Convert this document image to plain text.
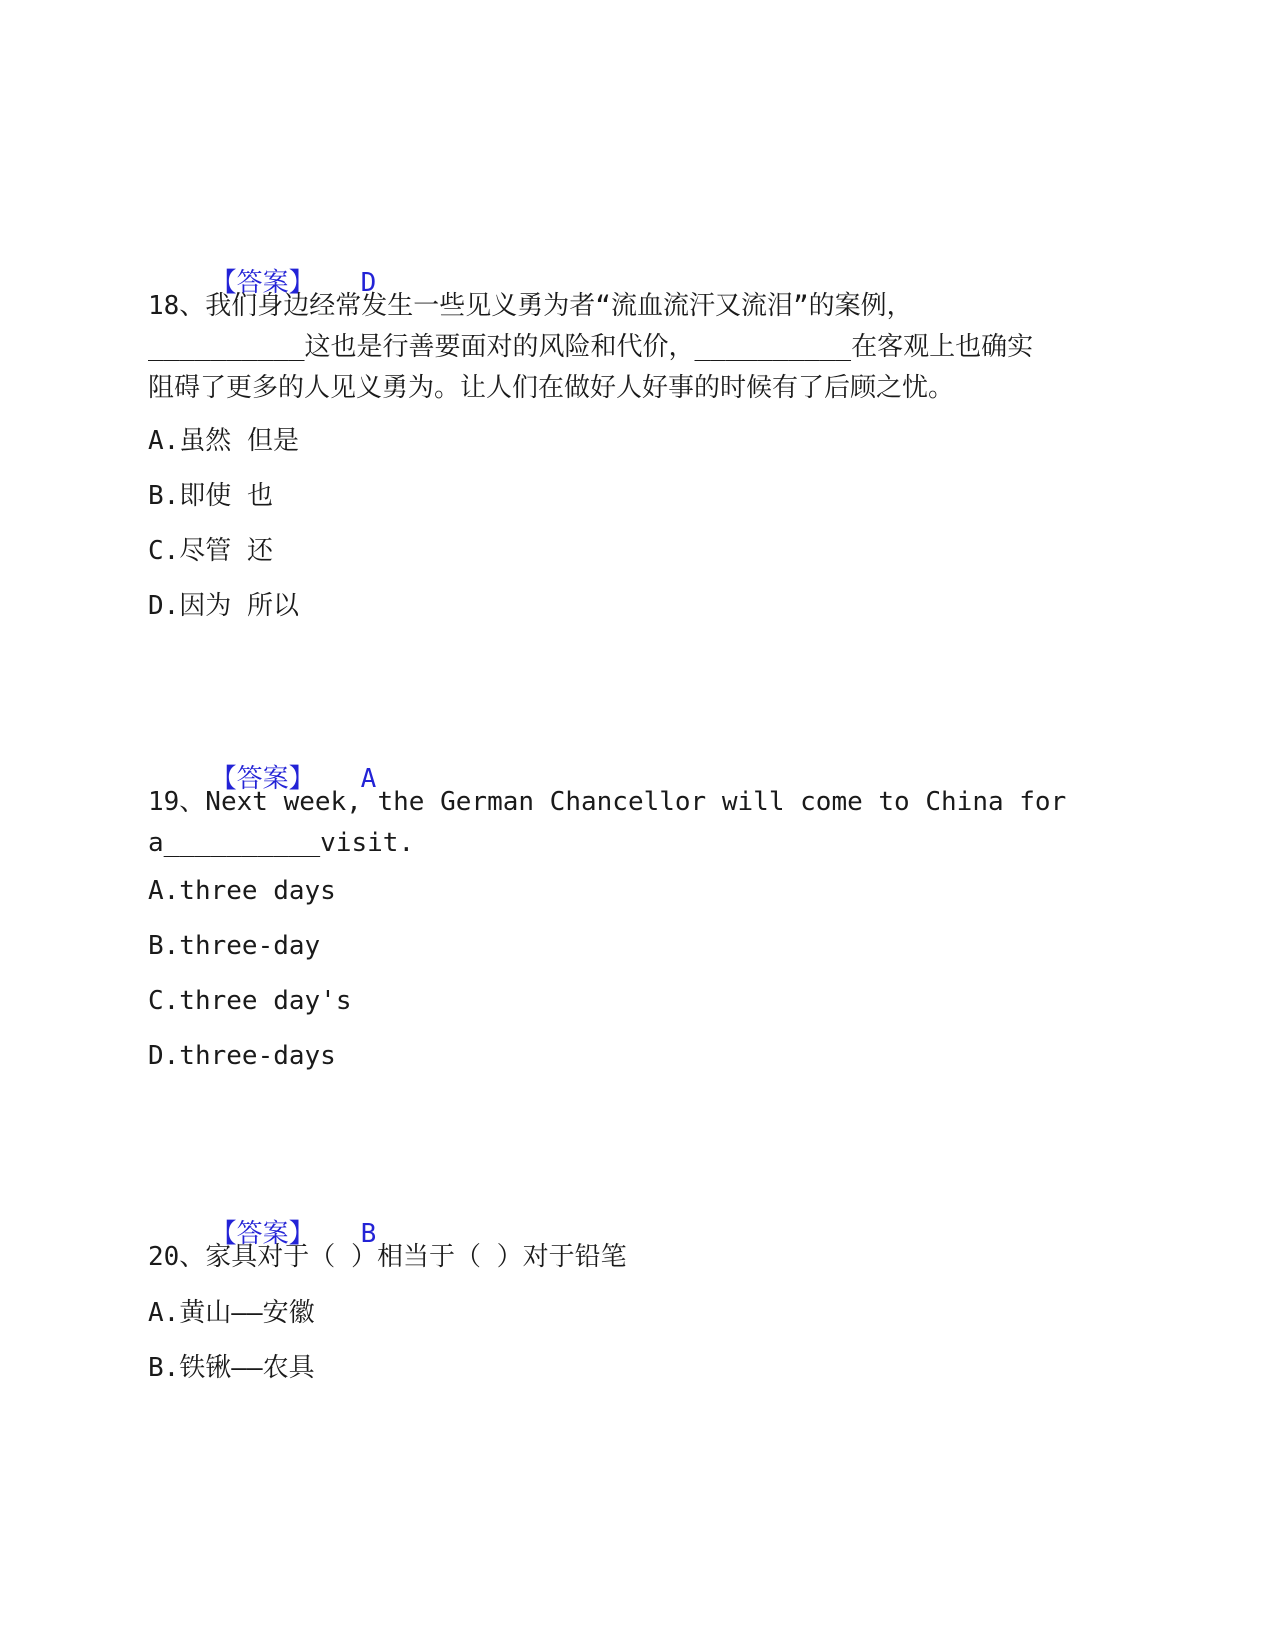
【答案】 D

18、我们身边经常发生一些见义勇为者“流血流汗又流泪”的案例，
__________这也是行善要面对的风险和代价，__________在客观上也确实
阻碍了更多的人见义勇为。让人们在做好人好事的时候有了后顾之忧。
A.虽然 但是
B.即使 也
C.尽管 还
D.因为 所以

【答案】 A

19、Next week, the German Chancellor will come to China for
a__________visit.
A.three days
B.three-day
C.three day's
D.three-days

【答案】 B

20、家具对于（ ）相当于（ ）对于铅笔
A.黄山——安徽
B.铁锹——农具
